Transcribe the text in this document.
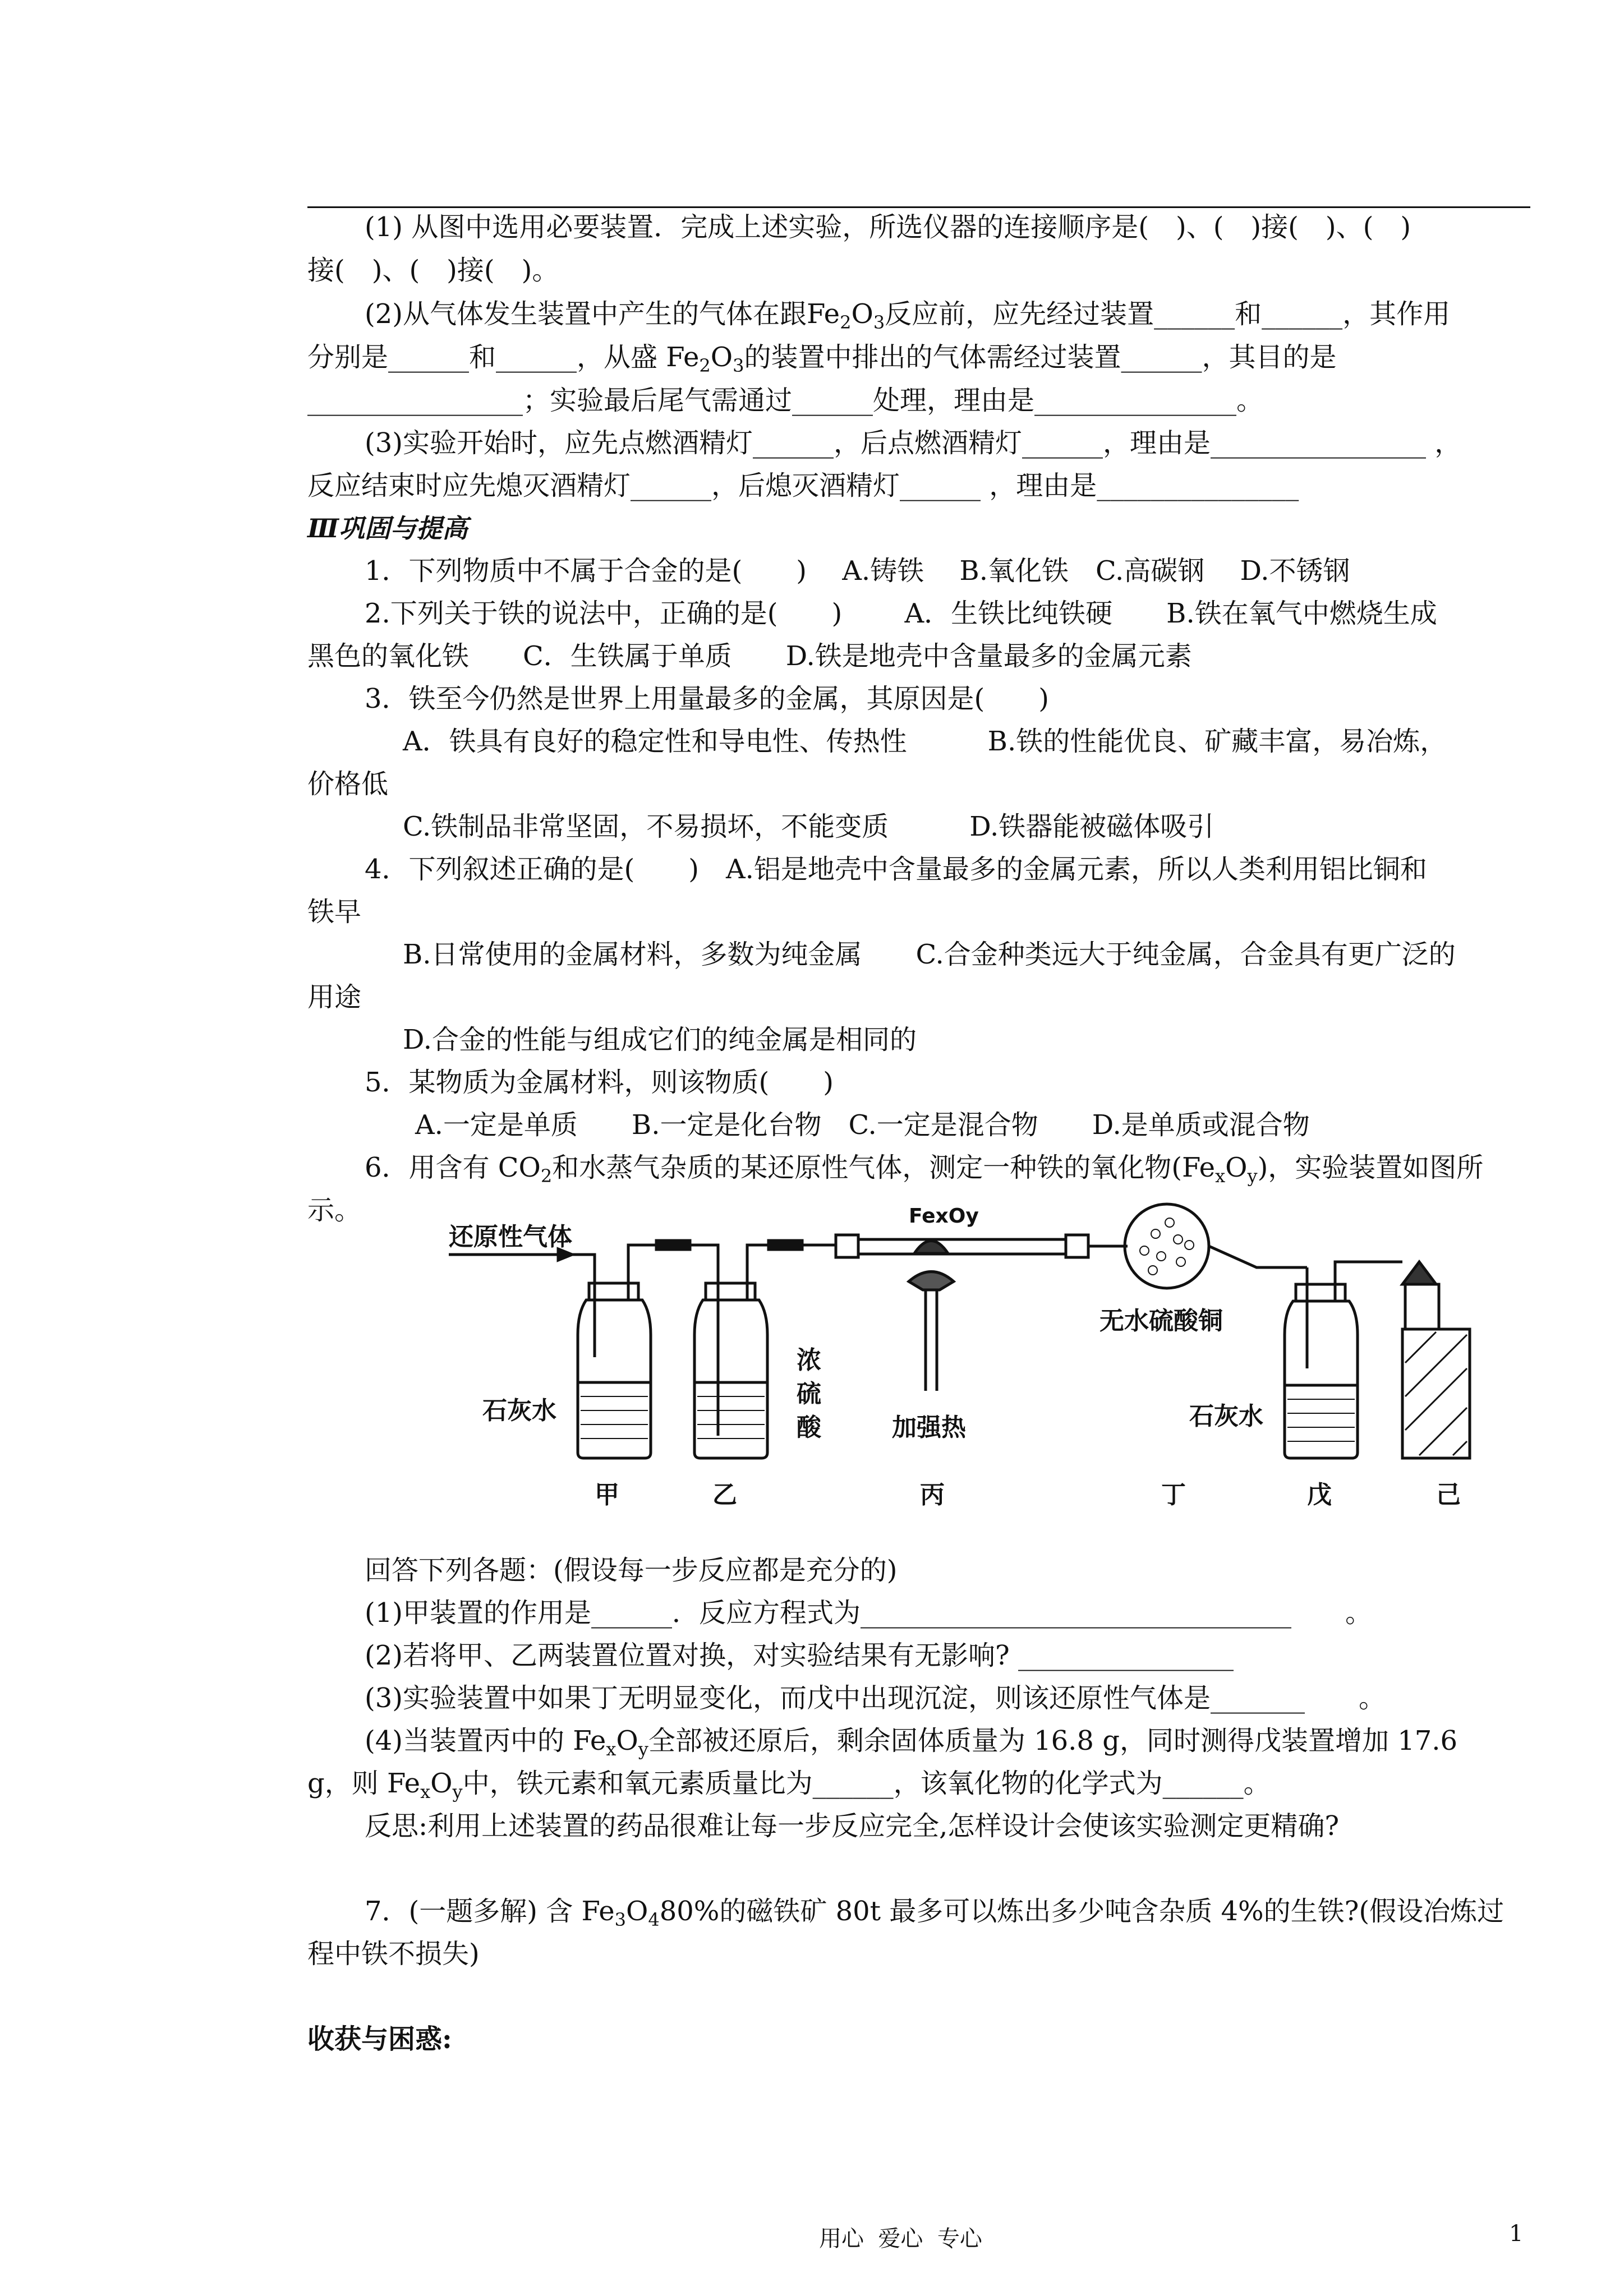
(1) 从图中选用必要装置．完成上述实验，所选仪器的连接顺序是(　)、(　)接(　)、(　)
接(　)、(　)接(　)。
(2)从气体发生装置中产生的气体在跟$Fe_2O_3$反应前，应先经过装置______和______，其作用
分别是______和______，从盛 $Fe_2O_3$的装置中排出的气体需经过装置______，其目的是
________________；实验最后尾气需通过______处理，理由是_______________。
(3)实验开始时，应先点燃酒精灯______，后点燃酒精灯______，理由是________________ ，
反应结束时应先熄灭酒精灯______，后熄灭酒精灯______ ，理由是_______________
Ⅲ巩固与提高
1．下列物质中不属于合金的是(　　)　 A.铸铁　 B.氧化铁　C.高碳钢　 D.不锈钢
2.下列关于铁的说法中，正确的是(　　)　　 A．生铁比纯铁硬　　B.铁在氧气中燃烧生成
黑色的氧化铁　　C．生铁属于单质　　D.铁是地壳中含量最多的金属元素
3．铁至今仍然是世界上用量最多的金属，其原因是(　　)
A．铁具有良好的稳定性和导电性、传热性　　　B.铁的性能优良、矿藏丰富，易冶炼，
价格低
C.铁制品非常坚固，不易损坏，不能变质　　　D.铁器能被磁体吸引
4．下列叙述正确的是(　　)　A.铝是地壳中含量最多的金属元素，所以人类利用铝比铜和
铁早
B.日常使用的金属材料，多数为纯金属　　C.合金种类远大于纯金属，合金具有更广泛的
用途
D.合金的性能与组成它们的纯金属是相同的
5．某物质为金属材料，则该物质(　　)
A.一定是单质　　B.一定是化台物　C.一定是混合物　　D.是单质或混合物
6．用含有 $CO_2$和水蒸气杂质的某还原性气体，测定一种铁的氧化物$(Fe_xO_y)$，实验装置如图所
示。
还原性气体
FexOy
石灰水
浓
硫
酸	加强热
无水硫酸铜
石灰水
甲	乙	丙	丁	戊	己
回答下列各题：(假设每一步反应都是充分的)
(1)甲装置的作用是______．反应方程式为________________________________　　。
(2)若将甲、乙两装置位置对换，对实验结果有无影响? ________________
(3)实验装置中如果丁无明显变化，而戊中出现沉淀，则该还原性气体是_______　　。
(4)当装置丙中的 $Fe_xO_y$全部被还原后，剩余固体质量为 16.8 g，同时测得戊装置增加 17.6
g，则 $Fe_xO_y$中，铁元素和氧元素质量比为______，该氧化物的化学式为______。
反思:利用上述装置的药品很难让每一步反应完全,怎样设计会使该实验测定更精确?
7．(一题多解) 含 $Fe_3O_480\%$的磁铁矿 80t 最多可以炼出多少吨含杂质 4%的生铁?(假设冶炼过
程中铁不损失)
收获与困惑:
用心  爱心  专心	1
